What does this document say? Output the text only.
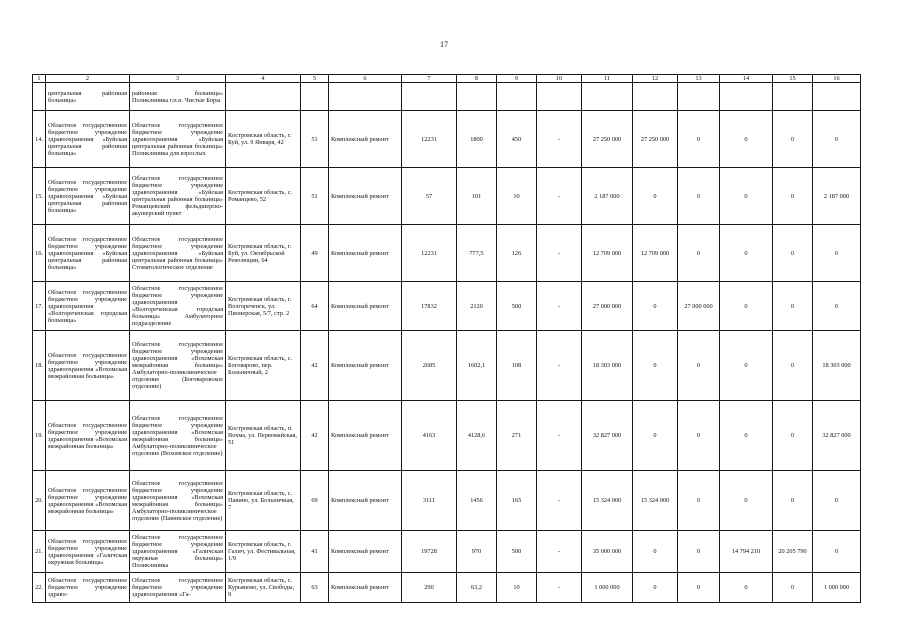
17
1	2	3	4	5	6	7	8	9	10	11	12	13	14	15	16
	центральная районная больница»	районная больница» Поликлиника г.п.п. Чистые Боры													
14.	Областное государственное бюджетное учреждение здравоохранения «Буйская центральная районная больница»	Областное государственное бюджетное учреждение здравоохранения «Буйская центральная районная больница» Поликлиника для взрослых	Костромская область, г. Буй, ул. 9 Января, 42	51	Комплексный ремонт	12231	1800	450	-	27 250 000	27 250 000	0	0	0	0
15.	Областное государственное бюджетное учреждение здравоохранения «Буйская центральная районная больница»	Областное государственное бюджетное учреждение здравоохранения «Буйская центральная районная больница» Романцевский фельдшерско-акушерский пункт	Костромская область, с. Романцево, 52	51	Комплексный ремонт	57	101	10	-	2 187 000	0	0	0	0	2 187 000
16.	Областное государственное бюджетное учреждение здравоохранения «Буйская центральная районная больница»	Областное государственное бюджетное учреждение здравоохранения «Буйская центральная районная больница» Стоматологическое отделение	Костромская область, г. Буй, ул. Октябрьской Революции, 64	49	Комплексный ремонт	12231	777,5	126	-	12 709 000	12 709 000	0	0	0	0
17.	Областное государственное бюджетное учреждение здравоохранения «Волгореченская городская больница»	Областное государственное бюджетное учреждение здравоохранения «Волгореченская городская больница» Амбулаторное подразделение	Костромская область, г. Волгореченск, ул. Пионерская, 5/7, стр. 2	64	Комплексный ремонт	17832	2120	500	-	27 000 000	0	27 000 000	0	0	0
18.	Областное государственное бюджетное учреждение здравоохранения «Вохомская межрайонная больница»	Областное государственное бюджетное учреждение здравоохранения «Вохомская межрайонная больница» Амбулаторно-поликлиническое отделение (Боговаровское отделение)	Костромская область, с. Боговарово, пер. Больничный, 2	42	Комплексный ремонт	2685	1602,1	108	-	18 303 000	0	0	0	0	18 303 000
19.	Областное государственное бюджетное учреждение здравоохранения «Вохомская межрайонная больница»	Областное государственное бюджетное учреждение здравоохранения «Вохомская межрайонная больница» Амбулаторно-поликлиническое отделение (Вохомское отделение)	Костромская область, п. Вохма, ул. Первомайская, 51	42	Комплексный ремонт	4163	4128,6	271	-	32 827 000	0	0	0	0	32 827 000
20.	Областное государственное бюджетное учреждение здравоохранения «Вохомская межрайонная больница»	Областное государственное бюджетное учреждение здравоохранения «Вохомская межрайонная больница» Амбулаторно-поликлиническое отделение (Павинское отделение)	Костромская область, с. Павино, ул. Больничная, 7	69	Комплексный ремонт	3111	1456	165	-	15 324 000	15 324 000	0	0	0	0
21.	Областное государственное бюджетное учреждение здравоохранения «Галичская окружная больница»	Областное государственное бюджетное учреждение здравоохранения «Галичская окружная больница» Поликлиника	Костромская область, г. Галич, ул. Фестивальная, 1/9	41	Комплексный ремонт	19728	970	500	-	35 000 000	0	0	14 794 210	20 205 790	0
22.	Областное государственное бюджетное учреждение здраво-	Областное государственное бюджетное учреждение здравоохранения «Га-	Костромская область, с. Курьяново, ул. Свободы, 9	63	Комплексный ремонт	290	63,2	10	-	1 000 000	0	0	0	0	1 000 000
